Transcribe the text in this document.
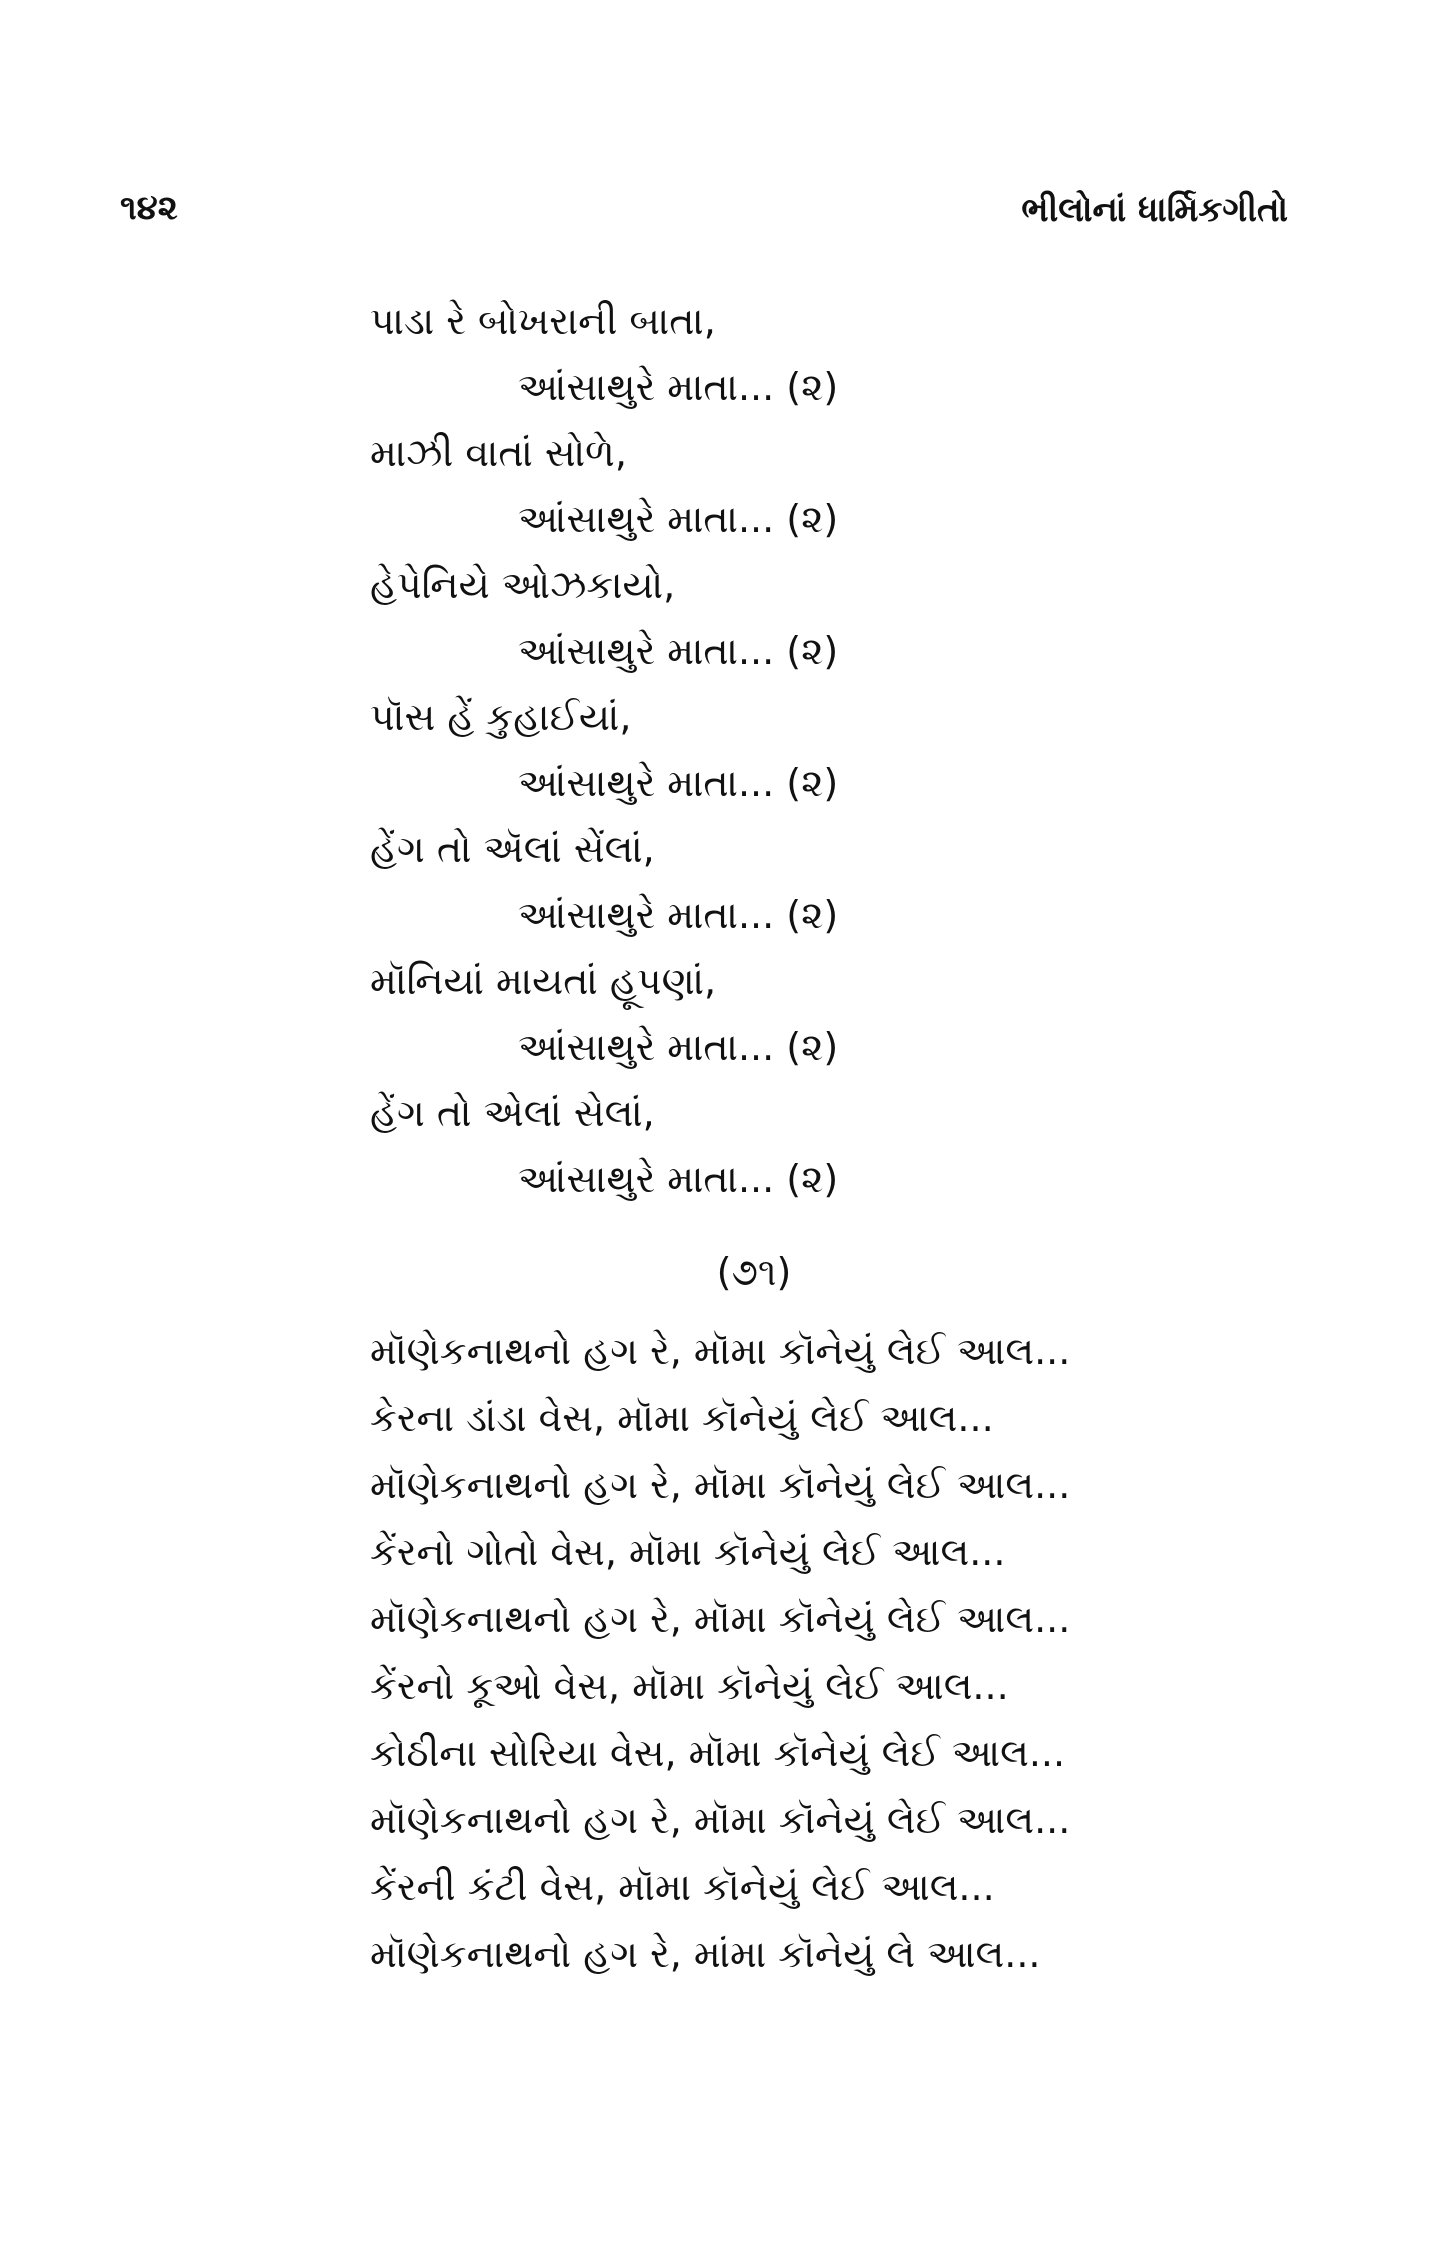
૧૪૨	ભીલોનાં ધાર્મિકગીતો
પાડા રે બોખરાની બાતા,
આંસાથુરે માતા... (૨)
માઝી વાતાં સોળે,
આંસાથુરે માતા... (૨)
હેપેનિયે ઓઝકાયો,
આંસાથુરે માતા... (૨)
પૉસ હેં કુહાઈયાં,
આંસાથુરે માતા... (૨)
હેંગ તો ઍલાં સેંલાં,
આંસાથુરે માતા... (૨)
મૉનિયાં માયતાં હૂપણાં,
આંસાથુરે માતા... (૨)
હેંગ તો એલાં સેલાં,
આંસાથુરે માતા... (૨)
(૭૧)
મૉણેકનાથનો હગ રે, મૉમા કૉનેયું લેઈ આલ...
કેરના ડાંડા વેસ, મૉમા કૉનેયું લેઈ આલ...
મૉણેકનાથનો હગ રે, મૉમા કૉનેયું લેઈ આલ...
કેંરનો ગોતો વેસ, મૉમા કૉનેયું લેઈ આલ...
મૉણેકનાથનો હગ રે, મૉમા કૉનેયું લેઈ આલ...
કેંરનો કૂઓ વેસ, મૉમા કૉનેયું લેઈ આલ...
કોઠીના સોરિયા વેસ, મૉમા કૉનેયું લેઈ આલ...
મૉણેકનાથનો હગ રે, મૉમા કૉનેયું લેઈ આલ...
કેંરની કંટી વેસ, મૉમા કૉનેયું લેઈ આલ...
મૉણેકનાથનો હગ રે, માંમા કૉનેયું લે આલ...
